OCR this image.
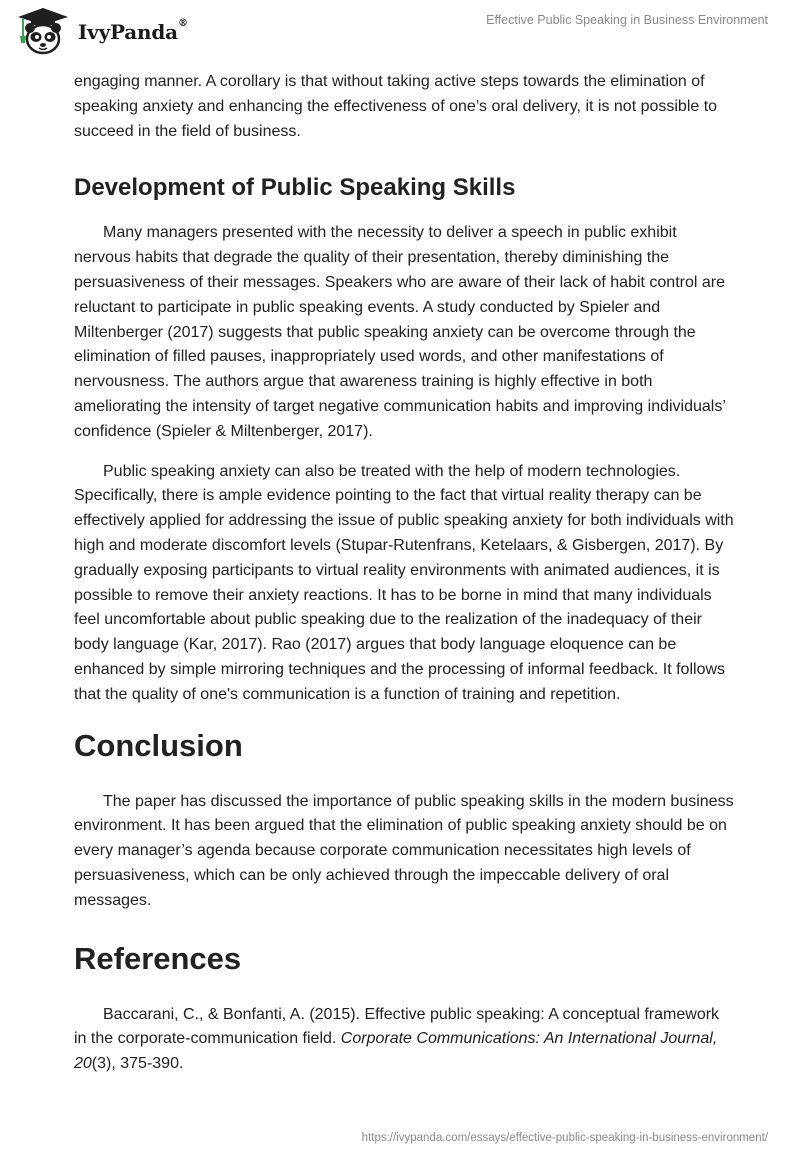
IvyPanda®	Effective Public Speaking in Business Environment

engaging manner. A corollary is that without taking active steps towards the elimination of speaking anxiety and enhancing the effectiveness of one’s oral delivery, it is not possible to succeed in the field of business.

Development of Public Speaking Skills

Many managers presented with the necessity to deliver a speech in public exhibit nervous habits that degrade the quality of their presentation, thereby diminishing the persuasiveness of their messages. Speakers who are aware of their lack of habit control are reluctant to participate in public speaking events. A study conducted by Spieler and Miltenberger (2017) suggests that public speaking anxiety can be overcome through the elimination of filled pauses, inappropriately used words, and other manifestations of nervousness. The authors argue that awareness training is highly effective in both ameliorating the intensity of target negative communication habits and improving individuals’ confidence (Spieler & Miltenberger, 2017).

Public speaking anxiety can also be treated with the help of modern technologies. Specifically, there is ample evidence pointing to the fact that virtual reality therapy can be effectively applied for addressing the issue of public speaking anxiety for both individuals with high and moderate discomfort levels (Stupar-Rutenfrans, Ketelaars, & Gisbergen, 2017). By gradually exposing participants to virtual reality environments with animated audiences, it is possible to remove their anxiety reactions. It has to be borne in mind that many individuals feel uncomfortable about public speaking due to the realization of the inadequacy of their body language (Kar, 2017). Rao (2017) argues that body language eloquence can be enhanced by simple mirroring techniques and the processing of informal feedback. It follows that the quality of one's communication is a function of training and repetition.

Conclusion

The paper has discussed the importance of public speaking skills in the modern business environment. It has been argued that the elimination of public speaking anxiety should be on every manager’s agenda because corporate communication necessitates high levels of persuasiveness, which can be only achieved through the impeccable delivery of oral messages.

References

Baccarani, C., & Bonfanti, A. (2015). Effective public speaking: A conceptual framework in the corporate-communication field. Corporate Communications: An International Journal, 20(3), 375-390.

https://ivypanda.com/essays/effective-public-speaking-in-business-environment/
